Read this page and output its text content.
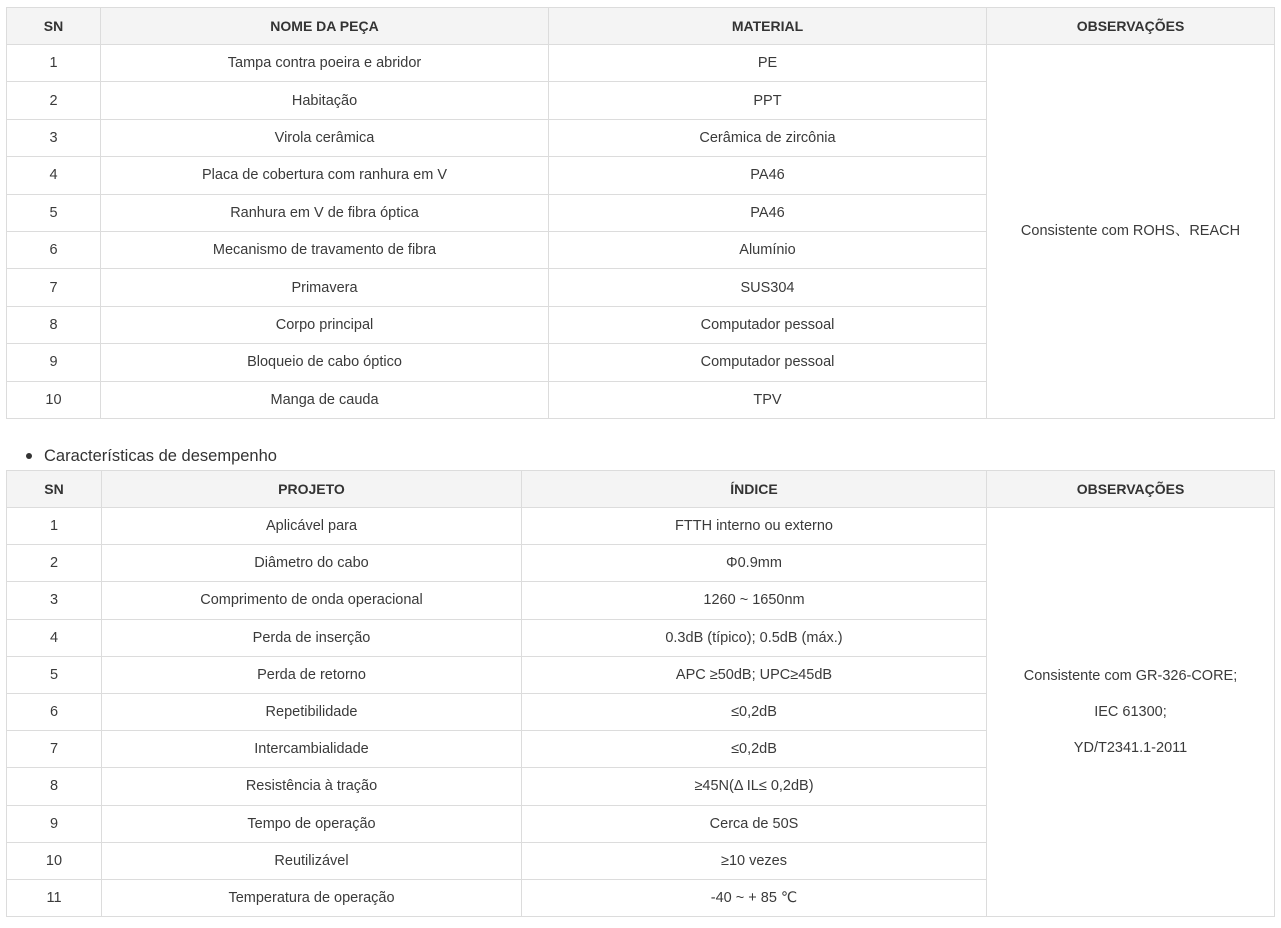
SN	NOME DA PEÇA	MATERIAL	OBSERVAÇÕES
1	Tampa contra poeira e abridor	PE	Consistente com ROHS、REACH
2	Habitação	PPT	
3	Virola cerâmica	Cerâmica de zircônia	
4	Placa de cobertura com ranhura em V	PA46	
5	Ranhura em V de fibra óptica	PA46	
6	Mecanismo de travamento de fibra	Alumínio	
7	Primavera	SUS304	
8	Corpo principal	Computador pessoal	
9	Bloqueio de cabo óptico	Computador pessoal	
10	Manga de cauda	TPV	
Características de desempenho
SN	PROJETO	ÍNDICE	OBSERVAÇÕES
1	Aplicável para	FTTH interno ou externo	Consistente com GR-326-CORE;
IEC 61300;
YD/T2341.1-2011

2	Diâmetro do cabo	Φ0.9mm	
3	Comprimento de onda operacional	1260 ~ 1650nm	
4	Perda de inserção	0.3dB (típico); 0.5dB (máx.)	
5	Perda de retorno	APC ≥50dB; UPC≥45dB	
6	Repetibilidade	≤0,2dB	
7	Intercambialidade	≤0,2dB	
8	Resistência à tração	≥45N(Δ IL≤ 0,2dB)	
9	Tempo de operação	Cerca de 50S	
10	Reutilizável	≥10 vezes	
11	Temperatura de operação	-40 ~ + 85 ℃	
